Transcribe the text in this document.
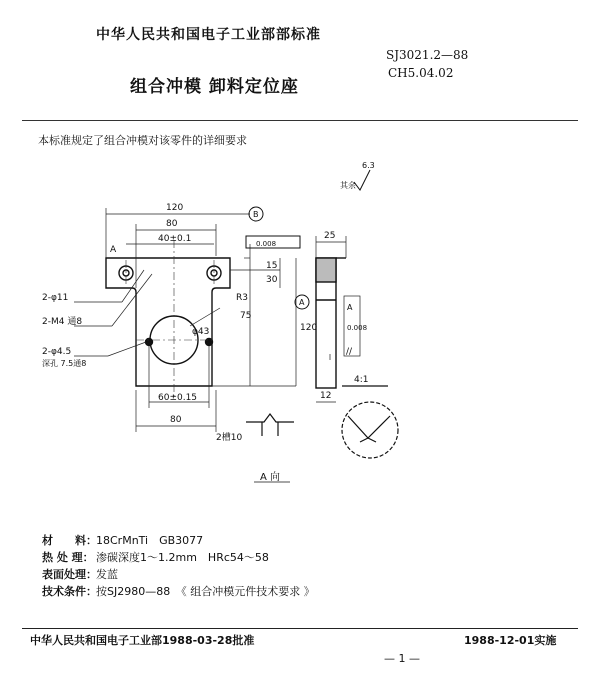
中华人民共和国电子工业部部标准
SJ3021.2—88
CH5.04.02
组合冲模 卸料定位座
本标准规定了组合冲模对该零件的详细要求
120
80
B
40±0.1	0.008
A
15
30
75
120
A
2-φ11
2-M4 通8
2-φ4.5
深孔 7.5通8
φ43
R3
60±0.15
80
2槽10
25
12
//
0.008
A
4:1
6.3
其余
A 向
材　　料： 18CrMnTi　GB3077
热 处 理： 渗碳深度1～1.2mm　HRc54～58
表面处理： 发蓝
技术条件： 按SJ2980—88　《 组合冲模元件技术要求 》
中华人民共和国电子工业部1988-03-28批准	1988-12-01实施
— 1 —
